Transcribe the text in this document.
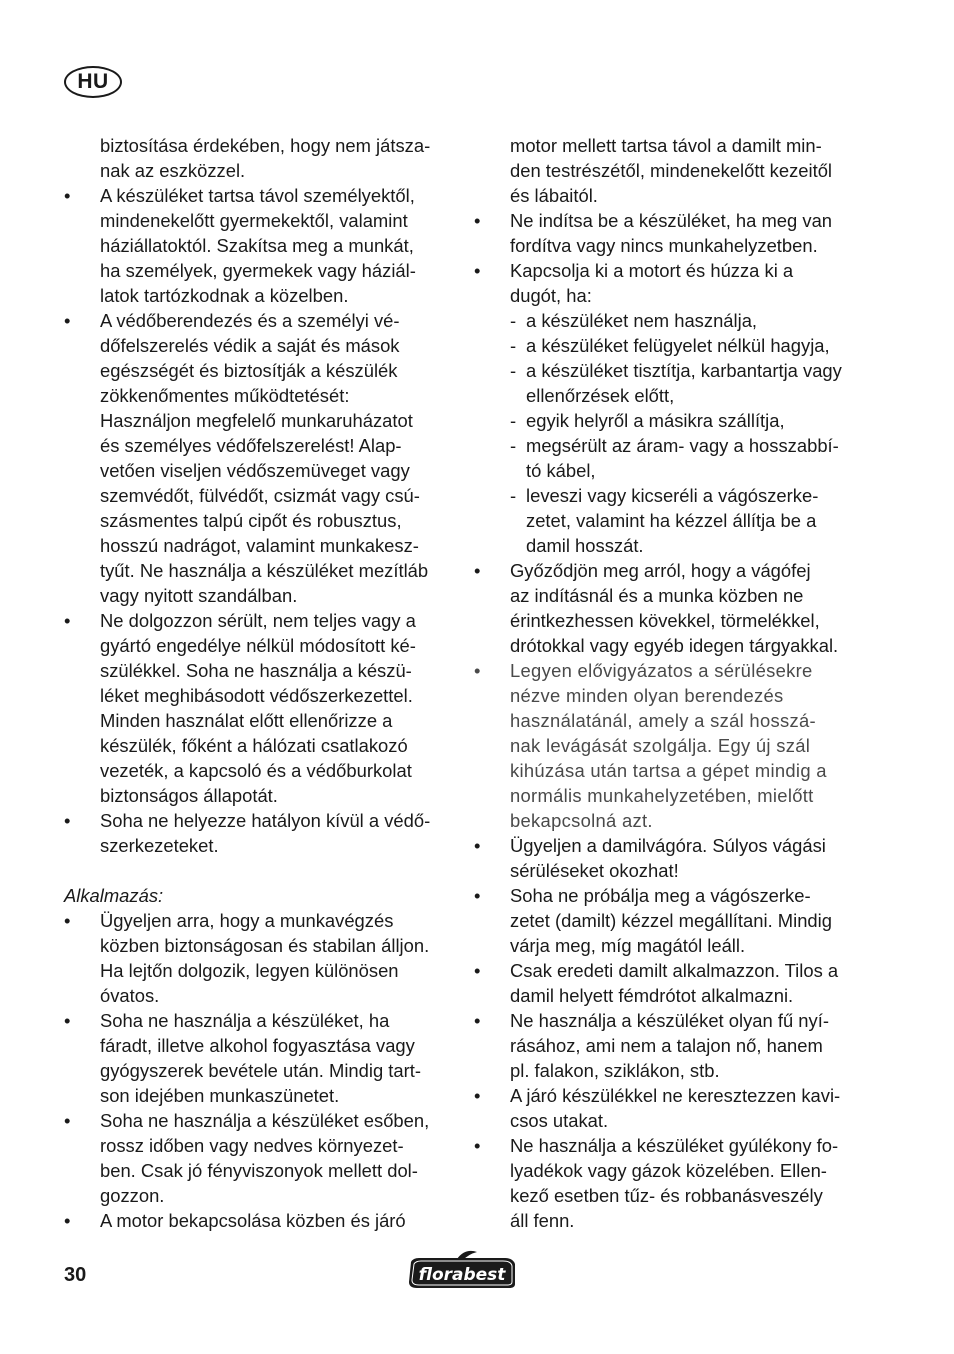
HU

biztosítása érdekében, hogy nem játsza-
nak az eszközzel.

• A készüléket tartsa távol személyektől,
mindenekelőtt gyermekektől, valamint
háziállatoktól. Szakítsa meg a munkát,
ha személyek, gyermekek vagy háziál-
latok tartózkodnak a közelben.

• A védőberendezés és a személyi vé-
dőfelszerelés védik a saját és mások
egészségét és biztosítják a készülék
zökkenőmentes működtetését:
Használjon megfelelő munkaruházatot
és személyes védőfelszerelést! Alap-
vetően viseljen védőszemüveget vagy
szemvédőt, fülvédőt, csizmát vagy csú-
szásmentes talpú cipőt és robusztus,
hosszú nadrágot, valamint munkakesz-
tyűt. Ne használja a készüléket mezítláb
vagy nyitott szandálban.

• Ne dolgozzon sérült, nem teljes vagy a
gyártó engedélye nélkül módosított ké-
szülékkel. Soha ne használja a készü-
léket meghibásodott védőszerkezettel.
Minden használat előtt ellenőrizze a
készülék, főként a hálózati csatlakozó
vezeték, a kapcsoló és a védőburkolat
biztonságos állapotát.

• Soha ne helyezze hatályon kívül a védő-
szerkezeteket.

Alkalmazás:

• Ügyeljen arra, hogy a munkavégzés
közben biztonságosan és stabilan álljon.
Ha lejtőn dolgozik, legyen különösen
óvatos.

• Soha ne használja a készüléket, ha
fáradt, illetve alkohol fogyasztása vagy
gyógyszerek bevétele után. Mindig tart-
son idejében munkaszünetet.

• Soha ne használja a készüléket esőben,
rossz időben vagy nedves környezet-
ben. Csak jó fényviszonyok mellett dol-
gozzon.

• A motor bekapcsolása közben és járó

motor mellett tartsa távol a damilt min-
den testrészétől, mindenekelőtt kezeitől
és lábaitól.

• Ne indítsa be a készüléket, ha meg van
fordítva vagy nincs munkahelyzetben.

• Kapcsolja ki a motort és húzza ki a
dugót, ha:

- a készüléket nem használja,

- a készüléket felügyelet nélkül hagyja,

- a készüléket tisztítja, karbantartja vagy
ellenőrzések előtt,

- egyik helyről a másikra szállítja,

- megsérült az áram- vagy a hosszabbí-
tó kábel,

- leveszi vagy kicseréli a vágószerke-
zetet, valamint ha kézzel állítja be a
damil hosszát.

• Győződjön meg arról, hogy a vágófej
az indításnál és a munka közben ne
érintkezhessen kövekkel, törmelékkel,
drótokkal vagy egyéb idegen tárgyakkal.

• Legyen elővigyázatos a sérülésekre
nézve minden olyan berendezés
használatánál, amely a szál hosszá-
nak levágását szolgálja. Egy új szál
kihúzása után tartsa a gépet mindig a
normális munkahelyzetében, mielőtt
bekapcsolná azt.

• Ügyeljen a damilvágóra. Súlyos vágási
sérüléseket okozhat!

• Soha ne próbálja meg a vágószerke-
zetet (damilt) kézzel megállítani. Mindig
várja meg, míg magától leáll.

• Csak eredeti damilt alkalmazzon. Tilos a
damil helyett fémdrótot alkalmazni.

• Ne használja a készüléket olyan fű nyí-
rásához, ami nem a talajon nő, hanem
pl. falakon, sziklákon, stb.

• A járó készülékkel ne keresztezzen kavi-
csos utakat.

• Ne használja a készüléket gyúlékony fo-
lyadékok vagy gázok közelében. Ellen-
kező esetben tűz- és robbanásveszély
áll fenn.

30	florabest
